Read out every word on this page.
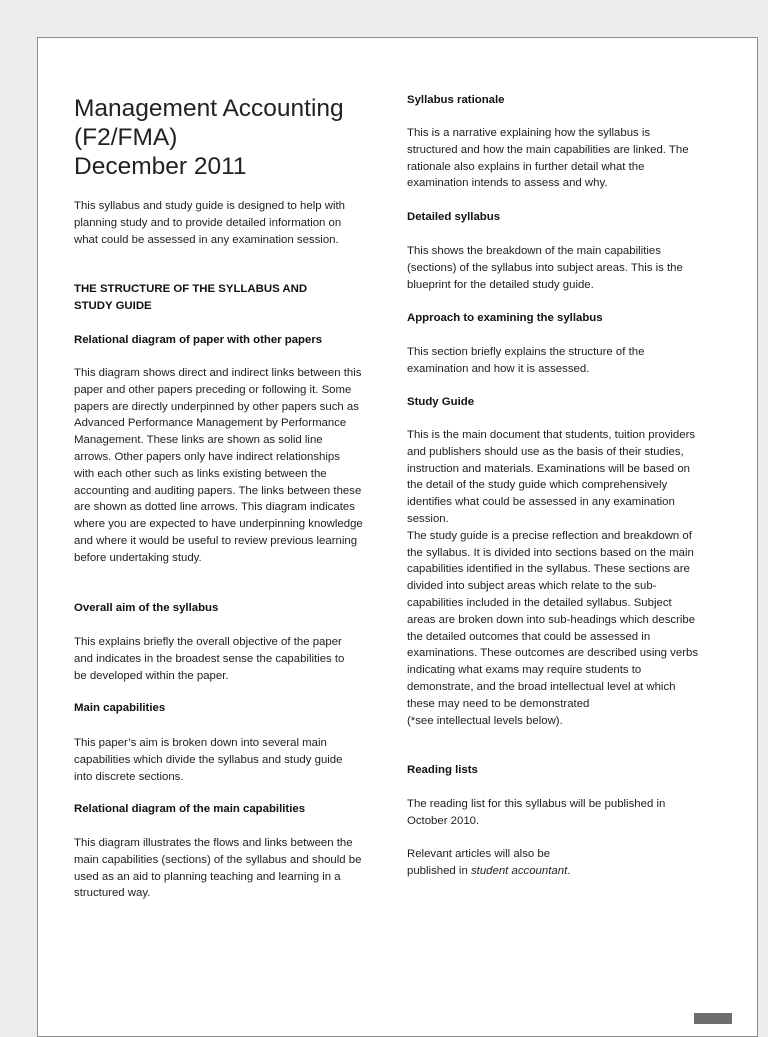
Management Accounting
(F2/FMA)
December 2011

This syllabus and study guide is designed to help with planning study and to provide detailed information on what could be assessed in any examination session.

THE STRUCTURE OF THE SYLLABUS AND
STUDY GUIDE
Relational diagram of paper with other papers

This diagram shows direct and indirect links between this paper and other papers preceding or following it. Some papers are directly underpinned by other papers such as Advanced Performance Management by Performance Management. These links are shown as solid line arrows. Other papers only have indirect relationships with each other such as links existing between the accounting and auditing papers. The links between these are shown as dotted line arrows. This diagram indicates where you are expected to have underpinning knowledge and where it would be useful to review previous learning before undertaking study.

Overall aim of the syllabus

This explains briefly the overall objective of the paper and indicates in the broadest sense the capabilities to be developed within the paper.

Main capabilities

This paper’s aim is broken down into several main capabilities which divide the syllabus and study guide into discrete sections.

Relational diagram of the main capabilities

This diagram illustrates the flows and links between the main capabilities (sections) of the syllabus and should be used as an aid to planning teaching and learning in a structured way.

Syllabus rationale

This is a narrative explaining how the syllabus is structured and how the main capabilities are linked. The rationale also explains in further detail what the examination intends to assess and why.

Detailed syllabus

This shows the breakdown of the main capabilities (sections) of the syllabus into subject areas. This is the blueprint for the detailed study guide.

Approach to examining the syllabus

This section briefly explains the structure of the examination and how it is assessed.

Study Guide

This is the main document that students, tuition providers and publishers should use as the basis of their studies, instruction and materials. Examinations will be based on the detail of the study guide which comprehensively identifies what could be assessed in any examination session.

The study guide is a precise reflection and breakdown of the syllabus. It is divided into sections based on the main capabilities identified in the syllabus. These sections are divided into subject areas which relate to the sub-capabilities included in the detailed syllabus. Subject areas are broken down into sub-headings which describe the detailed outcomes that could be assessed in examinations. These outcomes are described using verbs indicating what exams may require students to demonstrate, and the broad intellectual level at which these may need to be demonstrated

(*see intellectual levels below).

Reading lists

The reading list for this syllabus will be published in October 2010.

Relevant articles will also be
published in student accountant.
